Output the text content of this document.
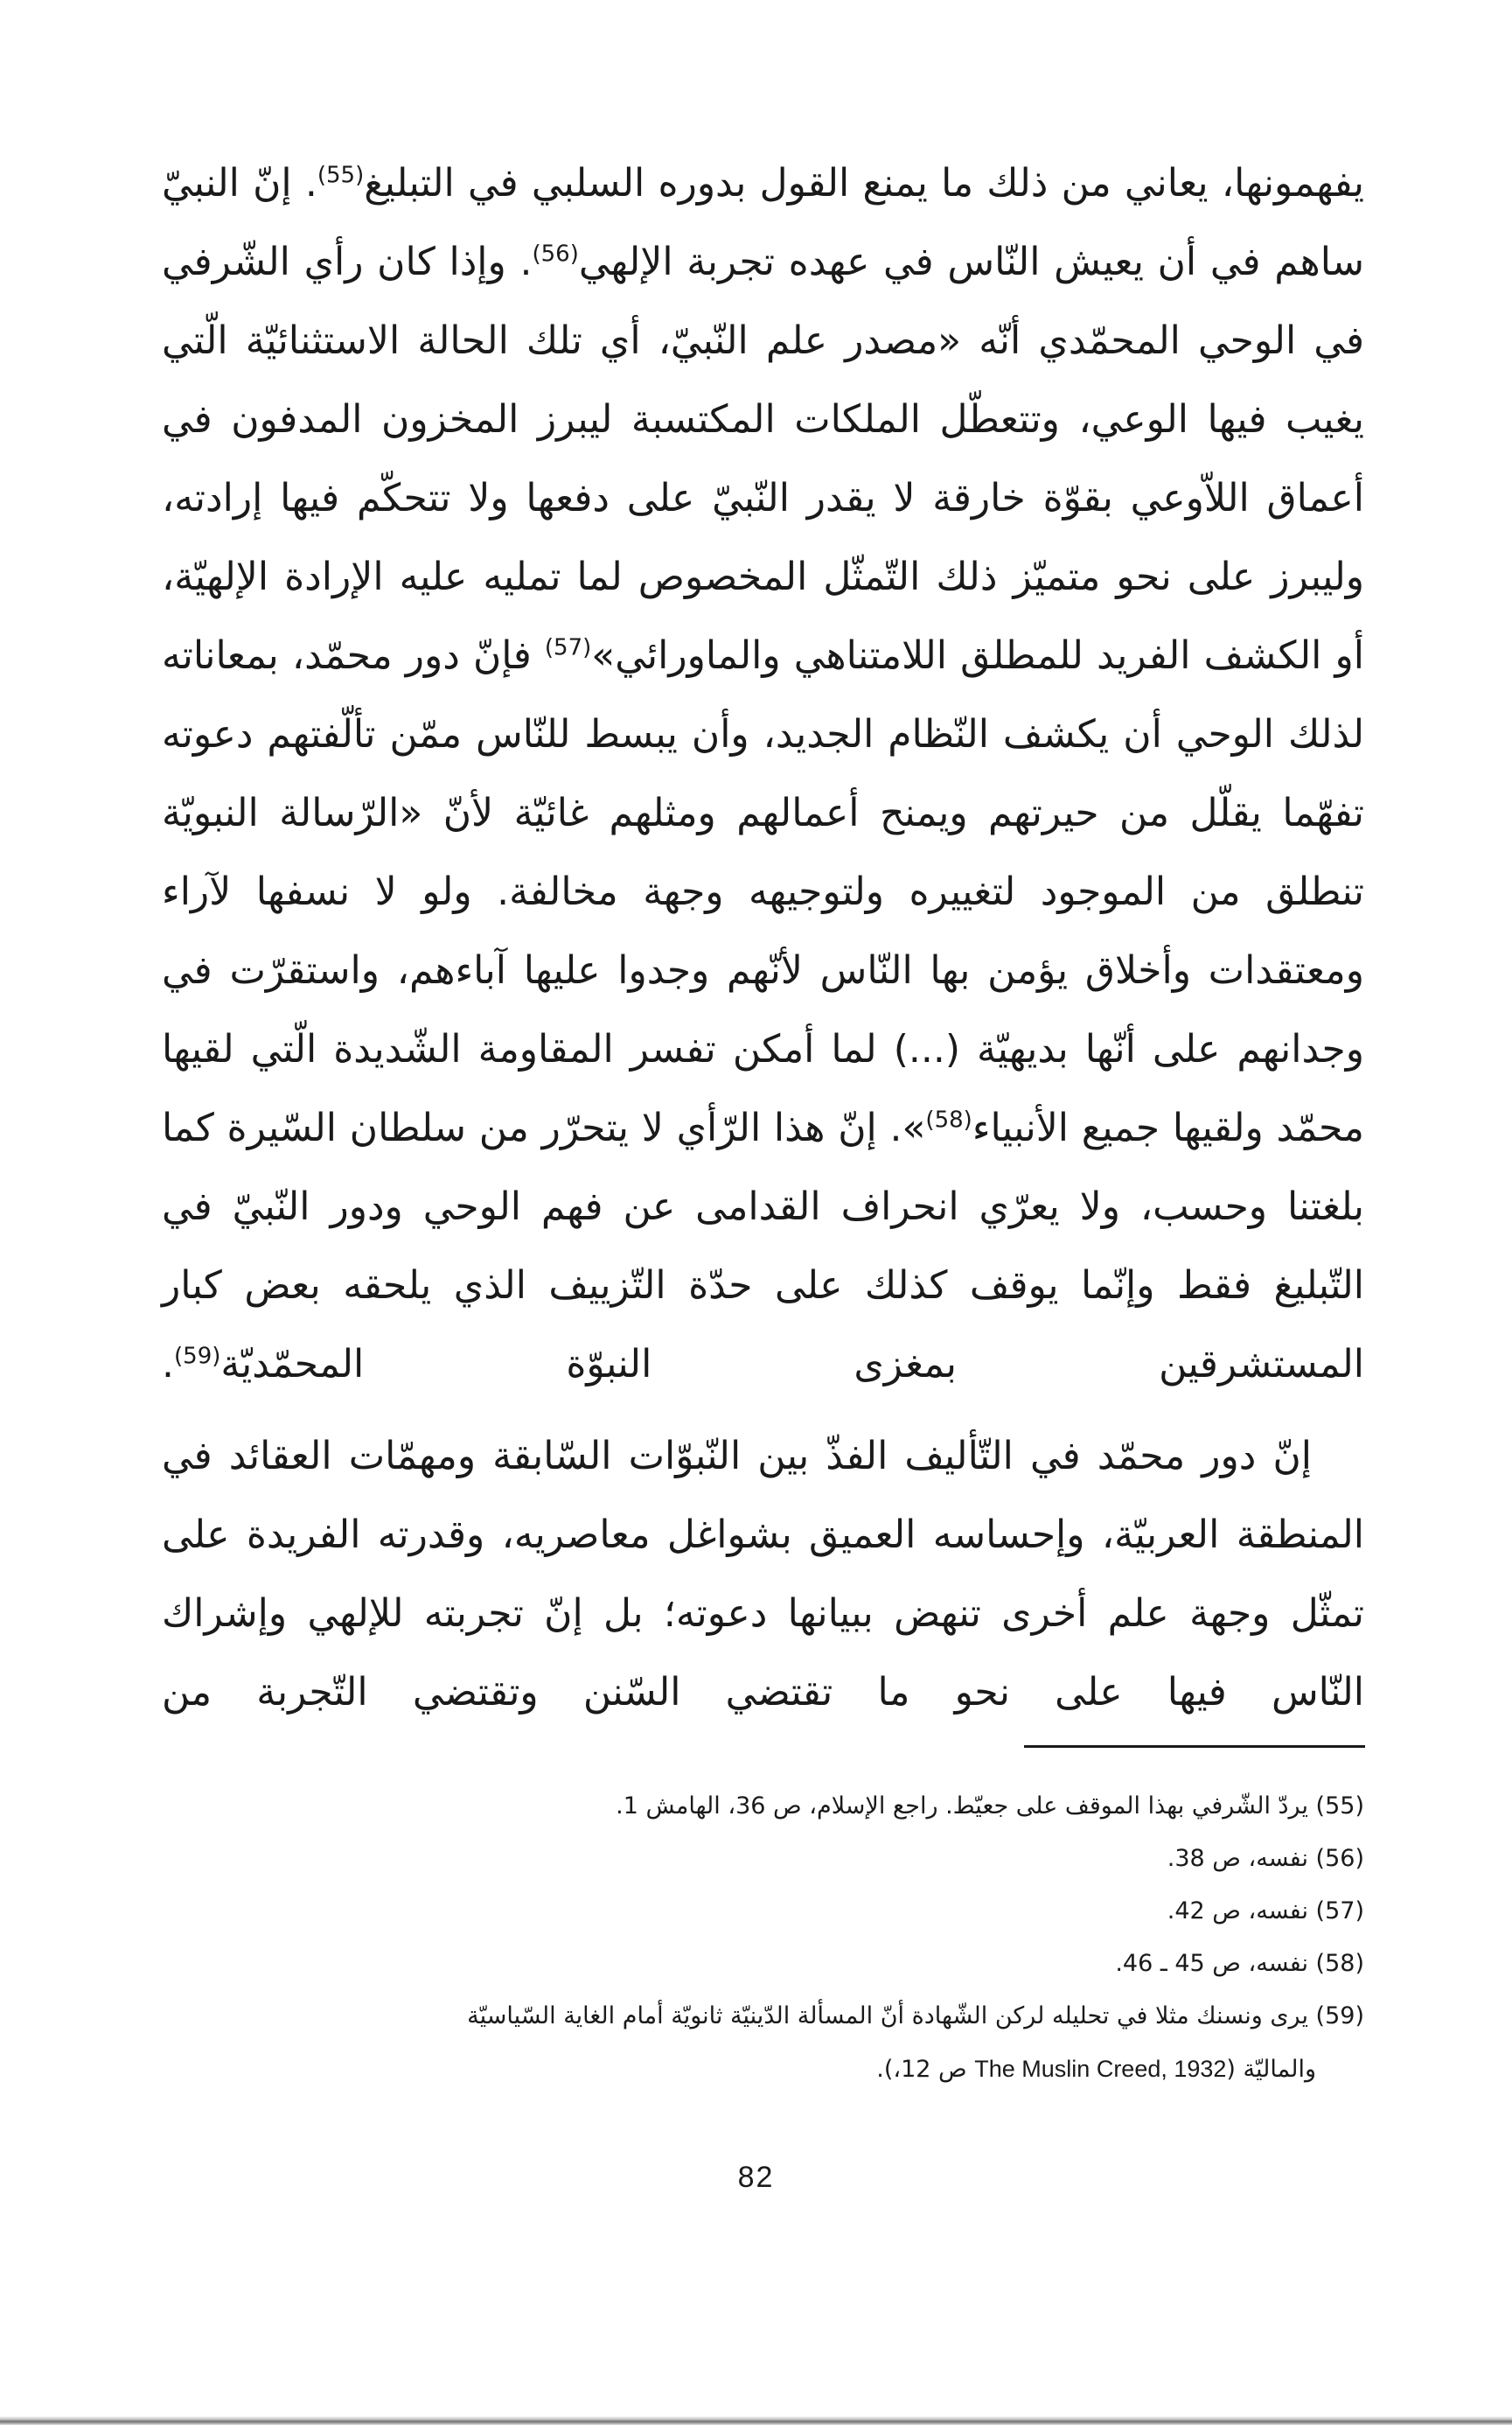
يفهمونها، يعاني من ذلك ما يمنع القول بدوره السلبي في التبليغ$^{(55)}$. إنّ النبيّ ساهم في أن يعيش النّاس في عهده تجربة الإلهي$^{(56)}$. وإذا كان رأي الشّرفي في الوحي المحمّدي أنّه «مصدر علم النّبيّ، أي تلك الحالة الاستثنائيّة الّتي يغيب فيها الوعي، وتتعطّل الملكات المكتسبة ليبرز المخزون المدفون في أعماق اللاّوعي بقوّة خارقة لا يقدر النّبيّ على دفعها ولا تتحكّم فيها إرادته، وليبرز على نحو متميّز ذلك التّمثّل المخصوص لما تمليه عليه الإرادة الإلهيّة، أو الكشف الفريد للمطلق اللامتناهي والماورائي»$^{(57)}$ فإنّ دور محمّد، بمعاناته لذلك الوحي أن يكشف النّظام الجديد، وأن يبسط للنّاس ممّن تألّفتهم دعوته تفهّما يقلّل من حيرتهم ويمنح أعمالهم ومثلهم غائيّة لأنّ «الرّسالة النبويّة تنطلق من الموجود لتغييره ولتوجيهه وجهة مخالفة. ولو لا نسفها لآراء ومعتقدات وأخلاق يؤمن بها النّاس لأنّهم وجدوا عليها آباءهم، واستقرّت في وجدانهم على أنّها بديهيّة (...) لما أمكن تفسر المقاومة الشّديدة الّتي لقيها محمّد ولقيها جميع الأنبياء$^{(58)}$». إنّ هذا الرّأي لا يتحرّر من سلطان السّيرة كما بلغتنا وحسب، ولا يعرّي انحراف القدامى عن فهم الوحي ودور النّبيّ في التّبليغ فقط وإنّما يوقف كذلك على حدّة التّزييف الذي يلحقه بعض كبار المستشرقين بمغزى النبوّة المحمّديّة$^{(59)}$.

إنّ دور محمّد في التّأليف الفذّ بين النّبوّات السّابقة ومهمّات العقائد في المنطقة العربيّة، وإحساسه العميق بشواغل معاصريه، وقدرته الفريدة على تمثّل وجهة علم أخرى تنهض ببيانها دعوته؛ بل إنّ تجربته للإلهي وإشراك النّاس فيها على نحو ما تقتضي السّنن وتقتضي التّجربة من

(55) يردّ الشّرفي بهذا الموقف على جعيّط. راجع الإسلام، ص 36، الهامش 1.

(56) نفسه، ص 38.

(57) نفسه، ص 42.

(58) نفسه، ص 45 ـ 46.

(59) يرى ونسنك مثلا في تحليله لركن الشّهادة أنّ المسألة الدّينيّة ثانويّة أمام الغاية السّياسيّة

والماليّة (The Muslin Creed, 1932 ص 12،).

82
